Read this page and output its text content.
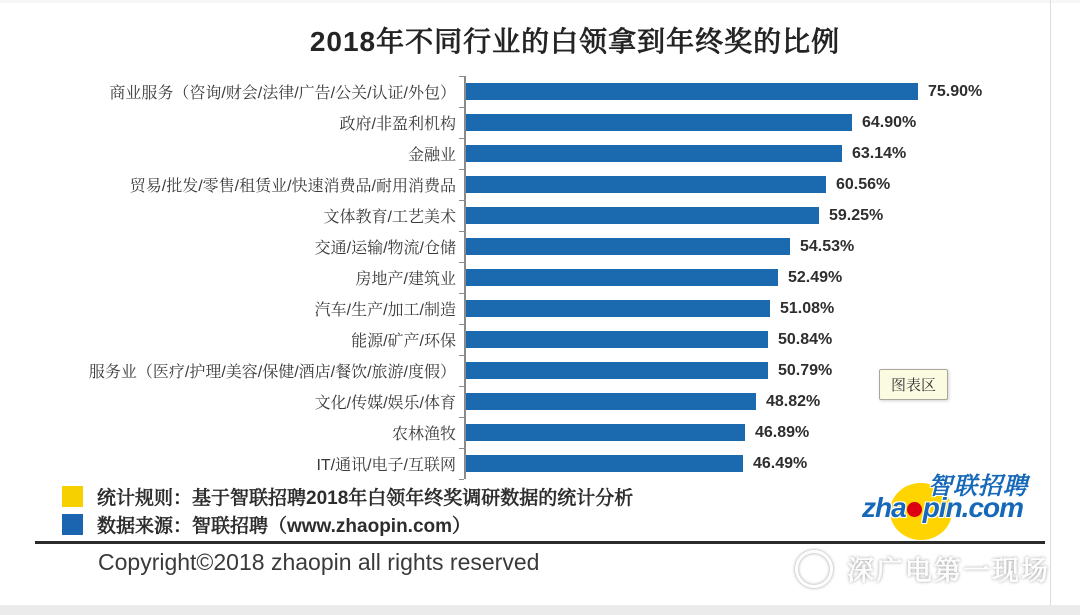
2018年不同行业的白领拿到年终奖的比例
商业服务（咨询/财会/法律/广告/公关/认证/外包）	75.90%
政府/非盈利机构	64.90%
金融业	63.14%
贸易/批发/零售/租赁业/快速消费品/耐用消费品	60.56%
文体教育/工艺美术	59.25%
交通/运输/物流/仓储	54.53%
房地产/建筑业	52.49%
汽车/生产/加工/制造	51.08%
能源/矿产/环保	50.84%
服务业（医疗/护理/美容/保健/酒店/餐饮/旅游/度假）	50.79%
文化/传媒/娱乐/体育	48.82%
农林渔牧	46.89%
IT/通讯/电子/互联网	46.49%
图表区
统计规则：基于智联招聘2018年白领年终奖调研数据的统计分析
数据来源：智联招聘（www.zhaopin.com）
智联招聘
zha pin.com
Copyright©2018 zhaopin all rights reserved	深广电第一现场
